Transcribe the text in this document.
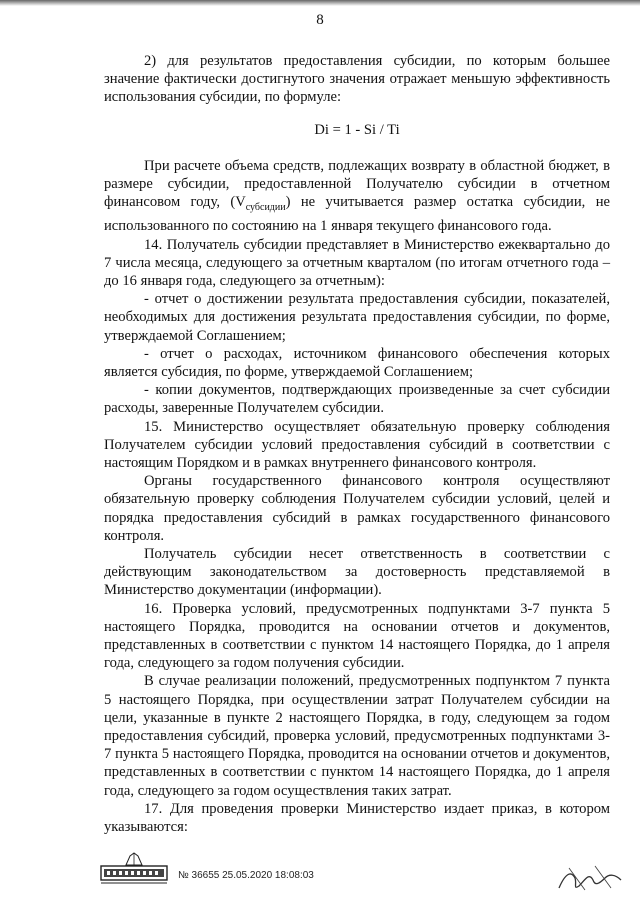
8

2) для результатов предоставления субсидии, по которым большее значение фактически достигнутого значения отражает меньшую эффективность использования субсидии, по формуле:

Di = 1 - Si / Ti

При расчете объема средств, подлежащих возврату в областной бюджет, в размере субсидии, предоставленной Получателю субсидии в отчетном финансовом году, $(V_{субсидии})$ не учитывается размер остатка субсидии, не использованного по состоянию на 1 января текущего финансового года.

14. Получатель субсидии представляет в Министерство ежеквартально до 7 числа месяца, следующего за отчетным кварталом (по итогам отчетного года – до 16 января года, следующего за отчетным):

- отчет о достижении результата предоставления субсидии, показателей, необходимых для достижения результата предоставления субсидии, по форме, утверждаемой Соглашением;

- отчет о расходах, источником финансового обеспечения которых является субсидия, по форме, утверждаемой Соглашением;

- копии документов, подтверждающих произведенные за счет субсидии расходы, заверенные Получателем субсидии.

15. Министерство осуществляет обязательную проверку соблюдения Получателем субсидии условий предоставления субсидий в соответствии с настоящим Порядком и в рамках внутреннего финансового контроля.

Органы государственного финансового контроля осуществляют обязательную проверку соблюдения Получателем субсидии условий, целей и порядка предоставления субсидий в рамках государственного финансового контроля.

Получатель субсидии несет ответственность в соответствии с действующим законодательством за достоверность представляемой в Министерство документации (информации).

16. Проверка условий, предусмотренных подпунктами 3-7 пункта 5 настоящего Порядка, проводится на основании отчетов и документов, представленных в соответствии с пунктом 14 настоящего Порядка, до 1 апреля года, следующего за годом получения субсидии.

В случае реализации положений, предусмотренных подпунктом 7 пункта 5 настоящего Порядка, при осуществлении затрат Получателем субсидии на цели, указанные в пункте 2 настоящего Порядка, в году, следующем за годом предоставления субсидий, проверка условий, предусмотренных подпунктами 3-7 пункта 5 настоящего Порядка, проводится на основании отчетов и документов, представленных в соответствии с пунктом 14 настоящего Порядка, до 1 апреля года, следующего за годом осуществления таких затрат.

17. Для проведения проверки Министерство издает приказ, в котором указываются:

№ 36655 25.05.2020 18:08:03
